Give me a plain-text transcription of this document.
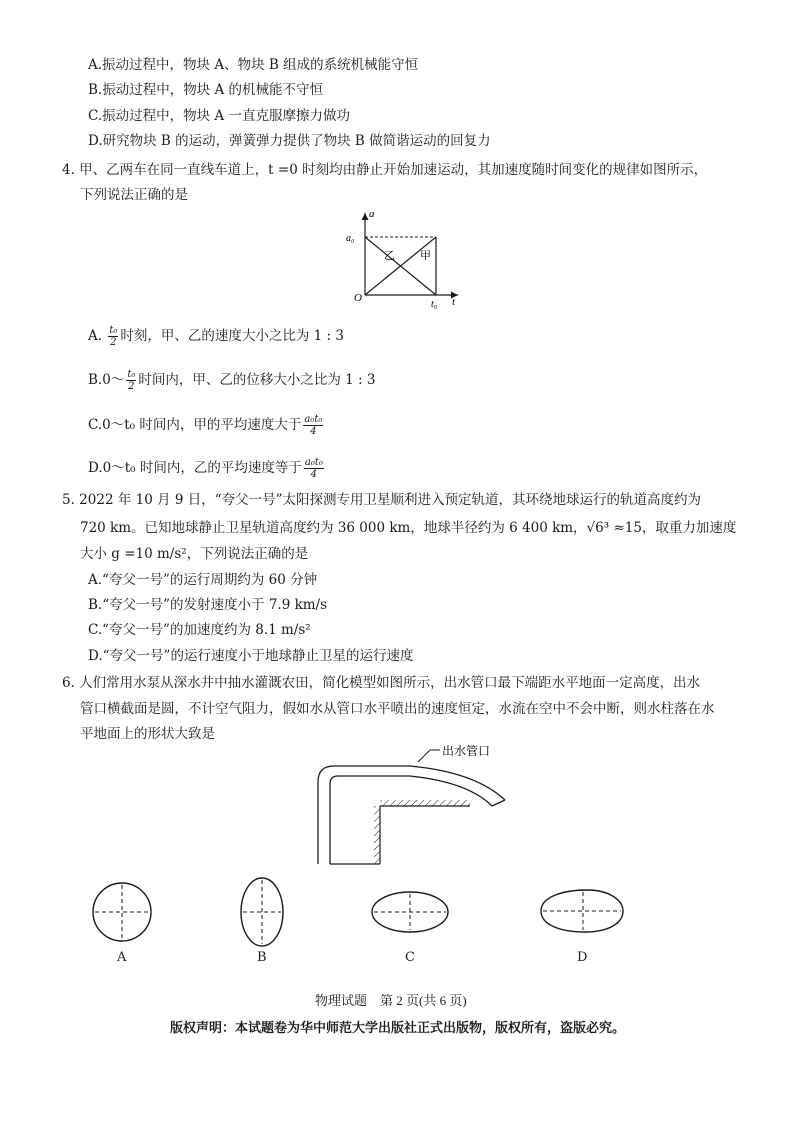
A.振动过程中，物块 A、物块 B 组成的系统机械能守恒
B.振动过程中，物块 A 的机械能不守恒
C.振动过程中，物块 A 一直克服摩擦力做功
D.研究物块 B 的运动，弹簧弹力提供了物块 B 做简谐运动的回复力
4. 甲、乙两车在同一直线车道上，t =0 时刻均由静止开始加速运动，其加速度随时间变化的规律如图所示，
下列说法正确的是
a
t
O
a₀
t₀
乙 甲
A. $\frac{\text{t₀}}{2}$ 时刻，甲、乙的速度大小之比为 1 : 3
B.0～ $\frac{\text{t₀}}{2}$ 时间内，甲、乙的位移大小之比为 1 : 3
C.0～t₀ 时间内，甲的平均速度大于 $\frac{\text{a₀t₀}}{4}$
D.0～t₀ 时间内，乙的平均速度等于 $\frac{\text{a₀t₀}}{4}$
5. 2022 年 10 月 9 日，“夸父一号”太阳探测专用卫星顺利进入预定轨道，其环绕地球运行的轨道高度约为
720 km。已知地球静止卫星轨道高度约为 36 000 km，地球半径约为 6 400 km，√6³ ≈15，取重力加速度
大小 g =10 m/s²，下列说法正确的是
A.“夸父一号”的运行周期约为 60 分钟
B.“夸父一号”的发射速度小于 7.9 km/s
C.“夸父一号”的加速度约为 8.1 m/s²
D.“夸父一号”的运行速度小于地球静止卫星的运行速度
6. 人们常用水泵从深水井中抽水灌溉农田，简化模型如图所示，出水管口最下端距水平地面一定高度，出水
管口横截面是圆，不计空气阻力，假如水从管口水平喷出的速度恒定，水流在空中不会中断，则水柱落在水
平地面上的形状大致是
出水管口
A	B	C	D
物理试题　第 2 页(共 6 页)
版权声明：本试题卷为华中师范大学出版社正式出版物，版权所有，盗版必究。
